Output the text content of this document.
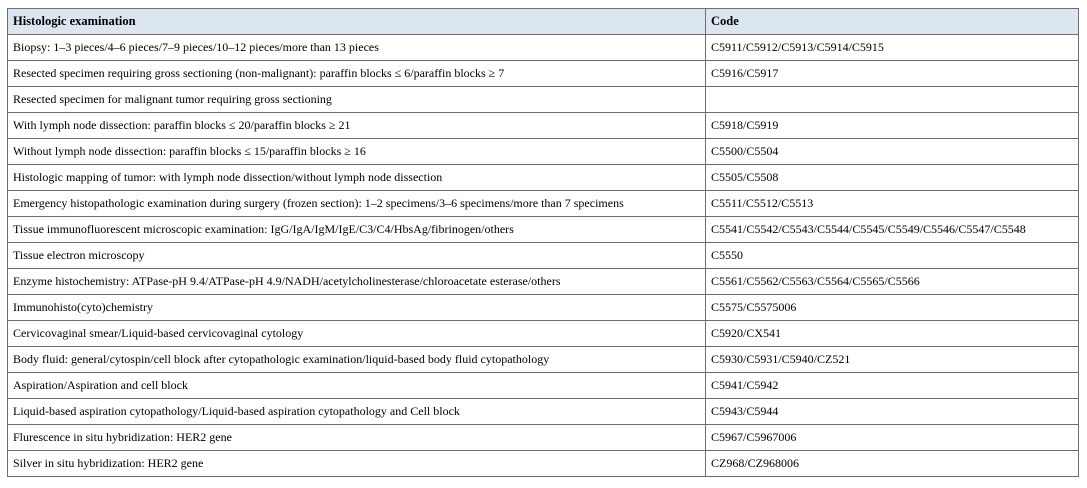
Histologic examination	Code
Biopsy: 1–3 pieces/4–6 pieces/7–9 pieces/10–12 pieces/more than 13 pieces	C5911/C5912/C5913/C5914/C5915
Resected specimen requiring gross sectioning (non-malignant): paraffin blocks ≤ 6/paraffin blocks ≥ 7	C5916/C5917
Resected specimen for malignant tumor requiring gross sectioning	
With lymph node dissection: paraffin blocks ≤ 20/paraffin blocks ≥ 21	C5918/C5919
Without lymph node dissection: paraffin blocks ≤ 15/paraffin blocks ≥ 16	C5500/C5504
Histologic mapping of tumor: with lymph node dissection/without lymph node dissection	C5505/C5508
Emergency histopathologic examination during surgery (frozen section): 1–2 specimens/3–6 specimens/more than 7 specimens	C5511/C5512/C5513
Tissue immunofluorescent microscopic examination: IgG/IgA/IgM/IgE/C3/C4/HbsAg/fibrinogen/others	C5541/C5542/C5543/C5544/C5545/C5549/C5546/C5547/C5548
Tissue electron microscopy	C5550
Enzyme histochemistry: ATPase-pH 9.4/ATPase-pH 4.9/NADH/acetylcholinesterase/chloroacetate esterase/others	C5561/C5562/C5563/C5564/C5565/C5566
Immunohisto(cyto)chemistry	C5575/C5575006
Cervicovaginal smear/Liquid-based cervicovaginal cytology	C5920/CX541
Body fluid: general/cytospin/cell block after cytopathologic examination/liquid-based body fluid cytopathology	C5930/C5931/C5940/CZ521
Aspiration/Aspiration and cell block	C5941/C5942
Liquid-based aspiration cytopathology/Liquid-based aspiration cytopathology and Cell block	C5943/C5944
Flurescence in situ hybridization: HER2 gene	C5967/C5967006
Silver in situ hybridization: HER2 gene	CZ968/CZ968006
